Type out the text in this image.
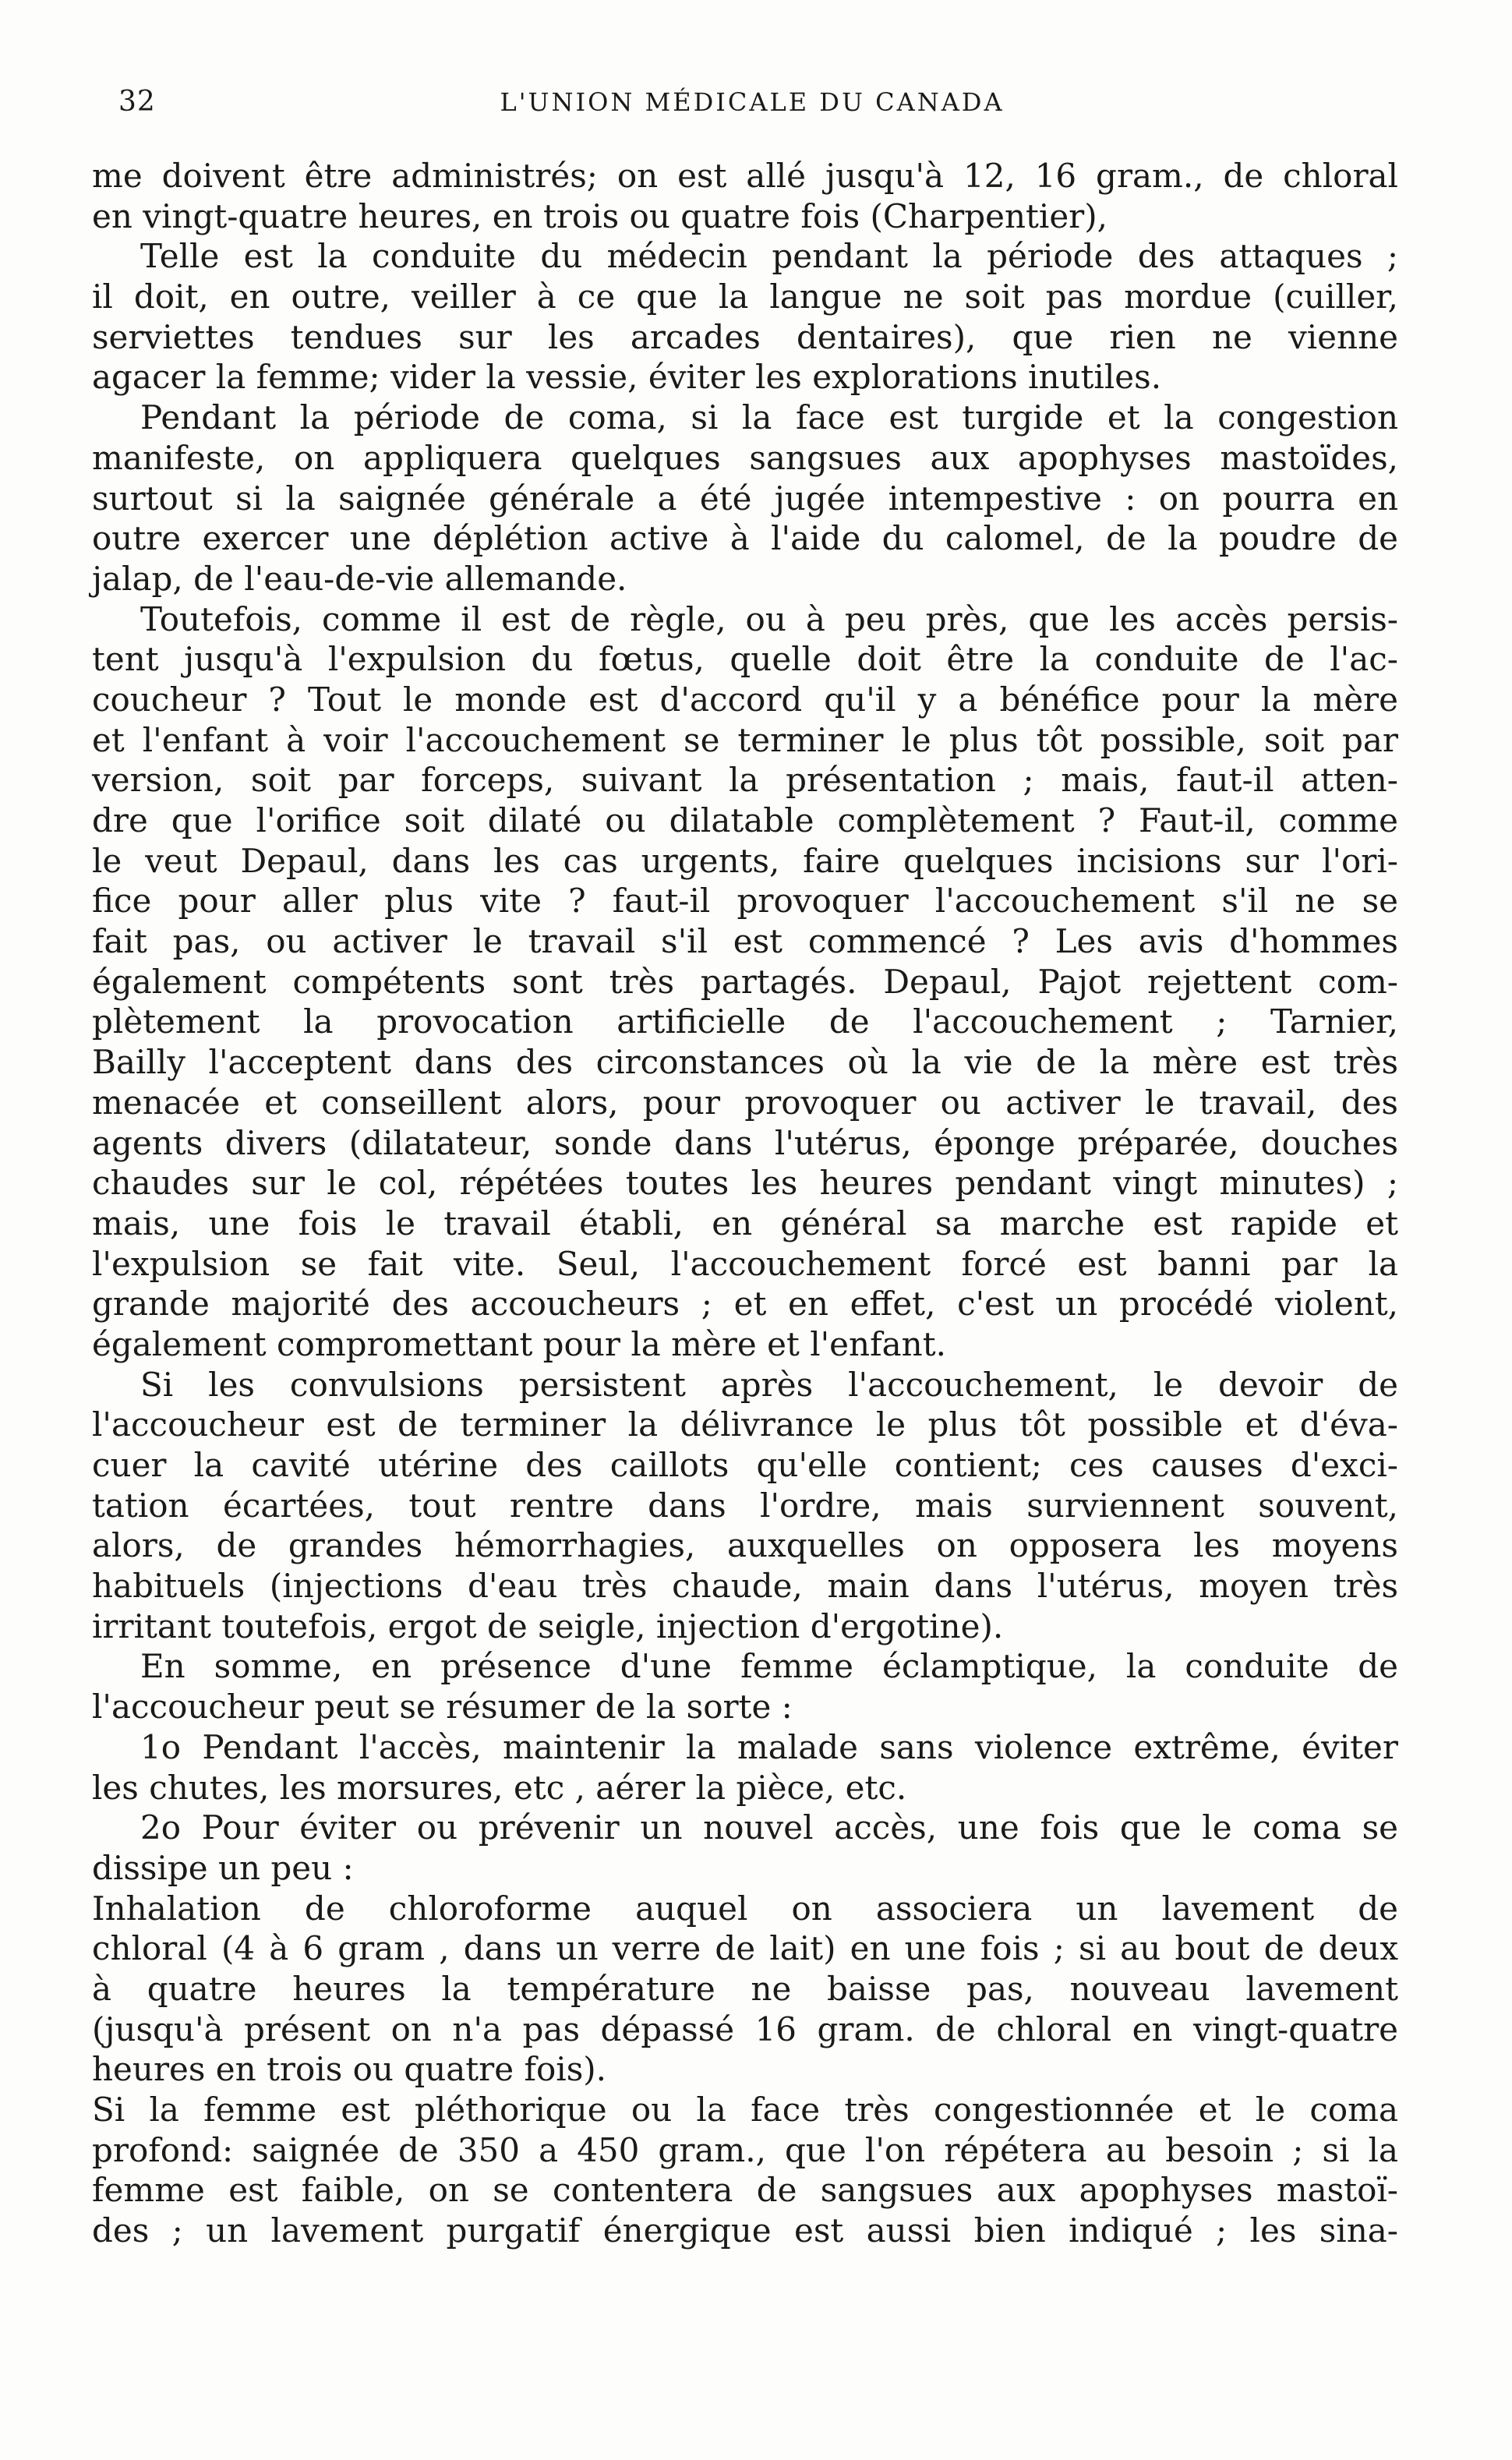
32	L'UNION MÉDICALE DU CANADA
me doivent être administrés; on est allé jusqu'à 12, 16 gram., de chloral
en vingt-quatre heures, en trois ou quatre fois (Charpentier),
Telle est la conduite du médecin pendant la période des attaques ;
il doit, en outre, veiller à ce que la langue ne soit pas mordue (cuiller,
serviettes tendues sur les arcades dentaires), que rien ne vienne
agacer la femme; vider la vessie, éviter les explorations inutiles.
Pendant la période de coma, si la face est turgide et la congestion
manifeste, on appliquera quelques sangsues aux apophyses mastoïdes,
surtout si la saignée générale a été jugée intempestive : on pourra en
outre exercer une déplétion active à l'aide du calomel, de la poudre de
jalap, de l'eau-de-vie allemande.
Toutefois, comme il est de règle, ou à peu près, que les accès persis-
tent jusqu'à l'expulsion du fœtus, quelle doit être la conduite de l'ac-
coucheur ? Tout le monde est d'accord qu'il y a bénéfice pour la mère
et l'enfant à voir l'accouchement se terminer le plus tôt possible, soit par
version, soit par forceps, suivant la présentation ; mais, faut-il atten-
dre que l'orifice soit dilaté ou dilatable complètement ? Faut-il, comme
le veut Depaul, dans les cas urgents, faire quelques incisions sur l'ori-
fice pour aller plus vite ? faut-il provoquer l'accouchement s'il ne se
fait pas, ou activer le travail s'il est commencé ? Les avis d'hommes
également compétents sont très partagés. Depaul, Pajot rejettent com-
plètement la provocation artificielle de l'accouchement ; Tarnier,
Bailly l'acceptent dans des circonstances où la vie de la mère est très
menacée et conseillent alors, pour provoquer ou activer le travail, des
agents divers (dilatateur, sonde dans l'utérus, éponge préparée, douches
chaudes sur le col, répétées toutes les heures pendant vingt minutes) ;
mais, une fois le travail établi, en général sa marche est rapide et
l'expulsion se fait vite. Seul, l'accouchement forcé est banni par la
grande majorité des accoucheurs ; et en effet, c'est un procédé violent,
également compromettant pour la mère et l'enfant.
Si les convulsions persistent après l'accouchement, le devoir de
l'accoucheur est de terminer la délivrance le plus tôt possible et d'éva-
cuer la cavité utérine des caillots qu'elle contient; ces causes d'exci-
tation écartées, tout rentre dans l'ordre, mais surviennent souvent,
alors, de grandes hémorrhagies, auxquelles on opposera les moyens
habituels (injections d'eau très chaude, main dans l'utérus, moyen très
irritant toutefois, ergot de seigle, injection d'ergotine).
En somme, en présence d'une femme éclamptique, la conduite de
l'accoucheur peut se résumer de la sorte :
1o Pendant l'accès, maintenir la malade sans violence extrême, éviter
les chutes, les morsures, etc , aérer la pièce, etc.
2o Pour éviter ou prévenir un nouvel accès, une fois que le coma se
dissipe un peu :
Inhalation de chloroforme auquel on associera un lavement de
chloral (4 à 6 gram , dans un verre de lait) en une fois ; si au bout de deux
à quatre heures la température ne baisse pas, nouveau lavement
(jusqu'à présent on n'a pas dépassé 16 gram. de chloral en vingt-quatre
heures en trois ou quatre fois).
Si la femme est pléthorique ou la face très congestionnée et le coma
profond: saignée de 350 a 450 gram., que l'on répétera au besoin ; si la
femme est faible, on se contentera de sangsues aux apophyses mastoï-
des ; un lavement purgatif énergique est aussi bien indiqué ; les sina-
